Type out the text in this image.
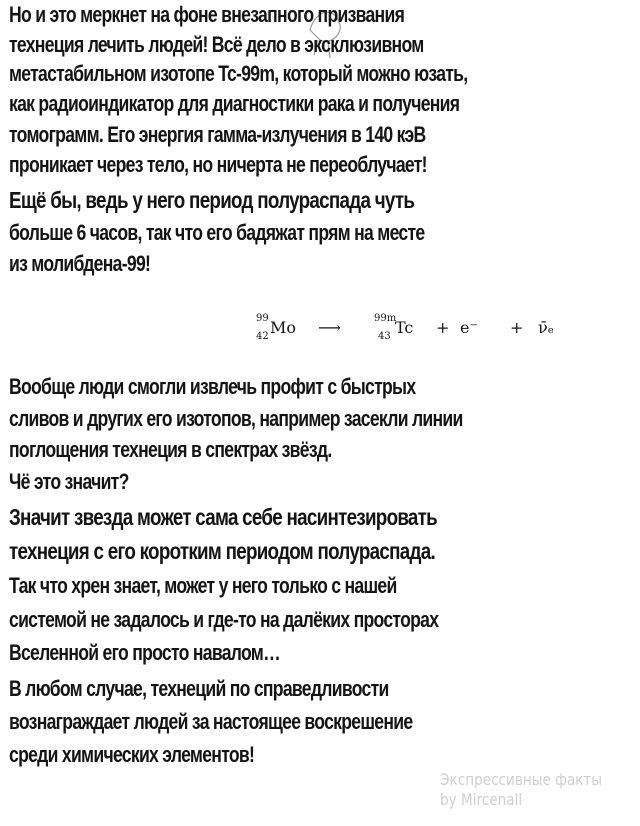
Но и это меркнет на фоне внезапного призвания
технеция лечить людей! Всё дело в эксклюзивном
метастабильном изотопе Tc-99m, который можно юзать,
как радиоиндикатор для диагностики рака и получения
томограмм. Его энергия гамма-излучения в 140 кэВ
проникает через тело, но ничерта не переоблучает!
Ещё бы, ведь у него период полураспада чуть
больше 6 часов, так что его бадяжат прям на месте
из молибдена-99!
99
42 Mo ⟶	99m
43 Tc + e⁻ + ν̄ₑ
Вообще люди смогли извлечь профит с быстрых
сливов и других его изотопов, например засекли линии
поглощения технеция в спектрах звёзд.
Чё это значит?
Значит звезда может сама себе насинтезировать
технеция с его коротким периодом полураспада.
Так что хрен знает, может у него только с нашей
системой не задалось и где-то на далёких просторах
Вселенной его просто навалом…
В любом случае, технеций по справедливости
вознаграждает людей за настоящее воскрешение
среди химических элементов!
Экспрессивные факты
by Mircenall
